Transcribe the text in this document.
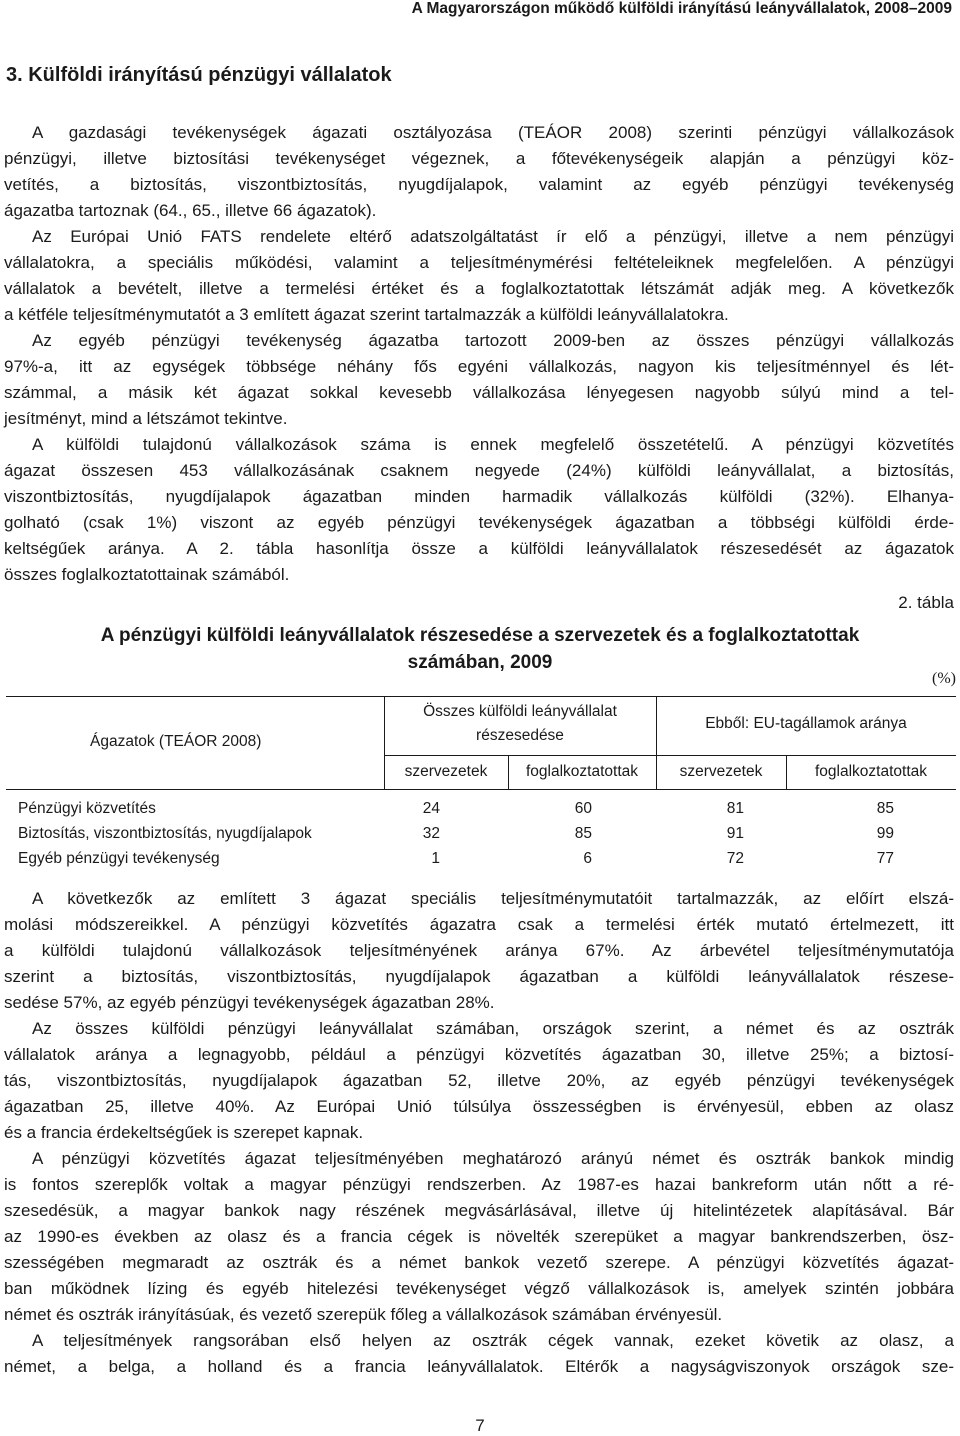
A Magyarországon működő külföldi irányítású leányvállalatok, 2008–2009
3. Külföldi irányítású pénzügyi vállalatok
A gazdasági tevékenységek ágazati osztályozása (TEÁOR 2008) szerinti pénzügyi vállalkozások
pénzügyi, illetve biztosítási tevékenységet végeznek, a főtevékenységeik alapján a pénzügyi köz-
vetítés, a biztosítás, viszontbiztosítás, nyugdíjalapok, valamint az egyéb pénzügyi tevékenység
ágazatba tartoznak (64., 65., illetve 66 ágazatok).
Az Európai Unió FATS rendelete eltérő adatszolgáltatást ír elő a pénzügyi, illetve a nem pénzügyi
vállalatokra, a speciális működési, valamint a teljesítménymérési feltételeiknek megfelelően. A pénzügyi
vállalatok a bevételt, illetve a termelési értéket és a foglalkoztatottak létszámát adják meg. A következők
a kétféle teljesítménymutatót a 3 említett ágazat szerint tartalmazzák a külföldi leányvállalatokra.
Az egyéb pénzügyi tevékenység ágazatba tartozott 2009-ben az összes pénzügyi vállalkozás
97%-a, itt az egységek többsége néhány fős egyéni vállalkozás, nagyon kis teljesítménnyel és lét-
számmal, a másik két ágazat sokkal kevesebb vállalkozása lényegesen nagyobb súlyú mind a tel-
jesítményt, mind a létszámot tekintve.
A külföldi tulajdonú vállalkozások száma is ennek megfelelő összetételű. A pénzügyi közvetítés
ágazat összesen 453 vállalkozásának csaknem negyede (24%) külföldi leányvállalat, a biztosítás,
viszontbiztosítás, nyugdíjalapok ágazatban minden harmadik vállalkozás külföldi (32%). Elhanya-
golható (csak 1%) viszont az egyéb pénzügyi tevékenységek ágazatban a többségi külföldi érde-
keltségűek aránya. A 2. tábla hasonlítja össze a külföldi leányvállalatok részesedését az ágazatok
összes foglalkoztatottainak számából.
2. tábla
A pénzügyi külföldi leányvállalatok részesedése a szervezetek és a foglalkoztatottak
számában, 2009
(%)
Ágazatok (TEÁOR 2008)
Összes külföldi leányvállalat
részesedése
Ebből: EU-tagállamok aránya
szervezetek	foglalkoztatottak	szervezetek	foglalkoztatottak
Pénzügyi közvetítés	24	60	81	85
Biztosítás, viszontbiztosítás, nyugdíjalapok	32	85	91	99
Egyéb pénzügyi tevékenység	1	6	72	77
A következők az említett 3 ágazat speciális teljesítménymutatóit tartalmazzák, az előírt elszá-
molási módszereikkel. A pénzügyi közvetítés ágazatra csak a termelési érték mutató értelmezett, itt
a külföldi tulajdonú vállalkozások teljesítményének aránya 67%. Az árbevétel teljesítménymutatója
szerint a biztosítás, viszontbiztosítás, nyugdíjalapok ágazatban a külföldi leányvállalatok részese-
sedése 57%, az egyéb pénzügyi tevékenységek ágazatban 28%.
Az összes külföldi pénzügyi leányvállalat számában, országok szerint, a német és az osztrák
vállalatok aránya a legnagyobb, például a pénzügyi közvetítés ágazatban 30, illetve 25%; a biztosí-
tás, viszontbiztosítás, nyugdíjalapok ágazatban 52, illetve 20%, az egyéb pénzügyi tevékenységek
ágazatban 25, illetve 40%. Az Európai Unió túlsúlya összességben is érvényesül, ebben az olasz
és a francia érdekeltségűek is szerepet kapnak.
A pénzügyi közvetítés ágazat teljesítményében meghatározó arányú német és osztrák bankok mindig
is fontos szereplők voltak a magyar pénzügyi rendszerben. Az 1987-es hazai bankreform után nőtt a ré-
szesedésük, a magyar bankok nagy részének megvásárlásával, illetve új hitelintézetek alapításával. Bár
az 1990-es években az olasz és a francia cégek is növelték szerepüket a magyar bankrendszerben, ösz-
szességében megmaradt az osztrák és a német bankok vezető szerepe. A pénzügyi közvetítés ágazat-
ban működnek lízing és egyéb hitelezési tevékenységet végző vállalkozások is, amelyek szintén jobbára
német és osztrák irányításúak, és vezető szerepük főleg a vállalkozások számában érvényesül.
A teljesítmények rangsorában első helyen az osztrák cégek vannak, ezeket követik az olasz, a
német, a belga, a holland és a francia leányvállalatok. Eltérők a nagyságviszonyok országok sze-
7
